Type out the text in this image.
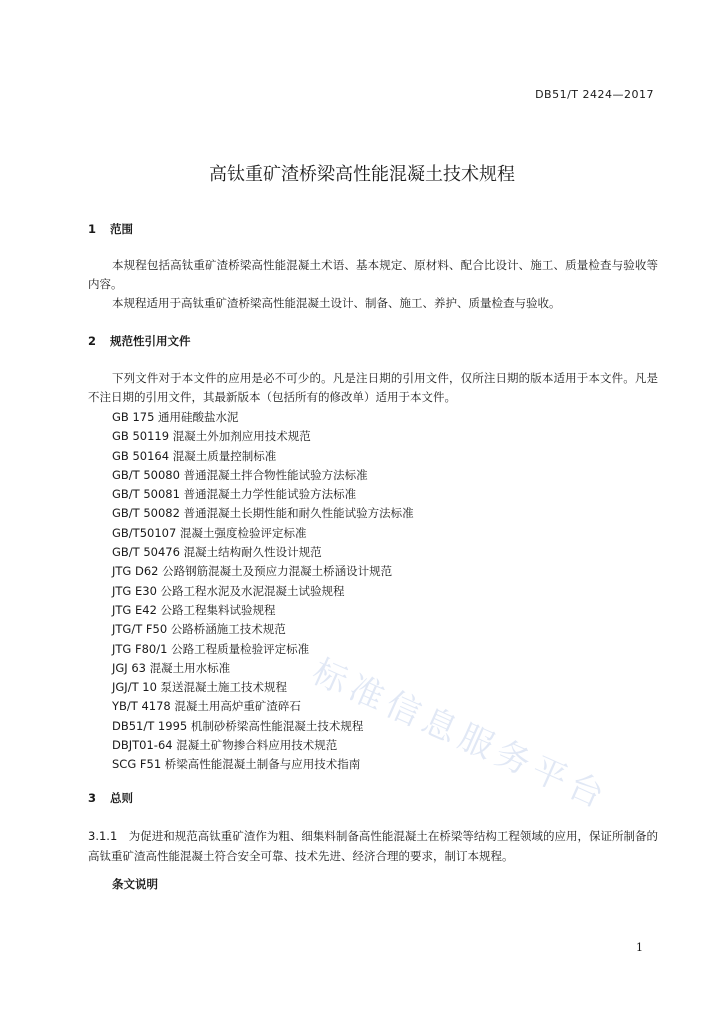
DB51/T 2424—2017
高钛重矿渣桥梁高性能混凝土技术规程
1 范围

本规程包括高钛重矿渣桥梁高性能混凝土术语、基本规定、原材料、配合比设计、施工、质量检查与验收等内容。

本规程适用于高钛重矿渣桥梁高性能混凝土设计、制备、施工、养护、质量检查与验收。

2 规范性引用文件

下列文件对于本文件的应用是必不可少的。凡是注日期的引用文件，仅所注日期的版本适用于本文件。凡是不注日期的引用文件，其最新版本（包括所有的修改单）适用于本文件。

GB 175 通用硅酸盐水泥
GB 50119 混凝土外加剂应用技术规范
GB 50164 混凝土质量控制标准
GB/T 50080 普通混凝土拌合物性能试验方法标准
GB/T 50081 普通混凝土力学性能试验方法标准
GB/T 50082 普通混凝土长期性能和耐久性能试验方法标准
GB/T50107 混凝土强度检验评定标准
GB/T 50476 混凝土结构耐久性设计规范
JTG D62 公路钢筋混凝土及预应力混凝土桥涵设计规范
JTG E30 公路工程水泥及水泥混凝土试验规程
JTG E42 公路工程集料试验规程
JTG/T F50 公路桥涵施工技术规范
JTG F80/1 公路工程质量检验评定标准
JGJ 63 混凝土用水标准
JGJ/T 10 泵送混凝土施工技术规程
YB/T 4178 混凝土用高炉重矿渣碎石
DB51/T 1995 机制砂桥梁高性能混凝土技术规程
DBJT01-64 混凝土矿物掺合料应用技术规范
SCG F51 桥梁高性能混凝土制备与应用技术指南
3 总则

3.1.1　为促进和规范高钛重矿渣作为粗、细集料制备高性能混凝土在桥梁等结构工程领域的应用，保证所制备的高钛重矿渣高性能混凝土符合安全可靠、技术先进、经济合理的要求，制订本规程。

条文说明
标准信息服务平台
1
